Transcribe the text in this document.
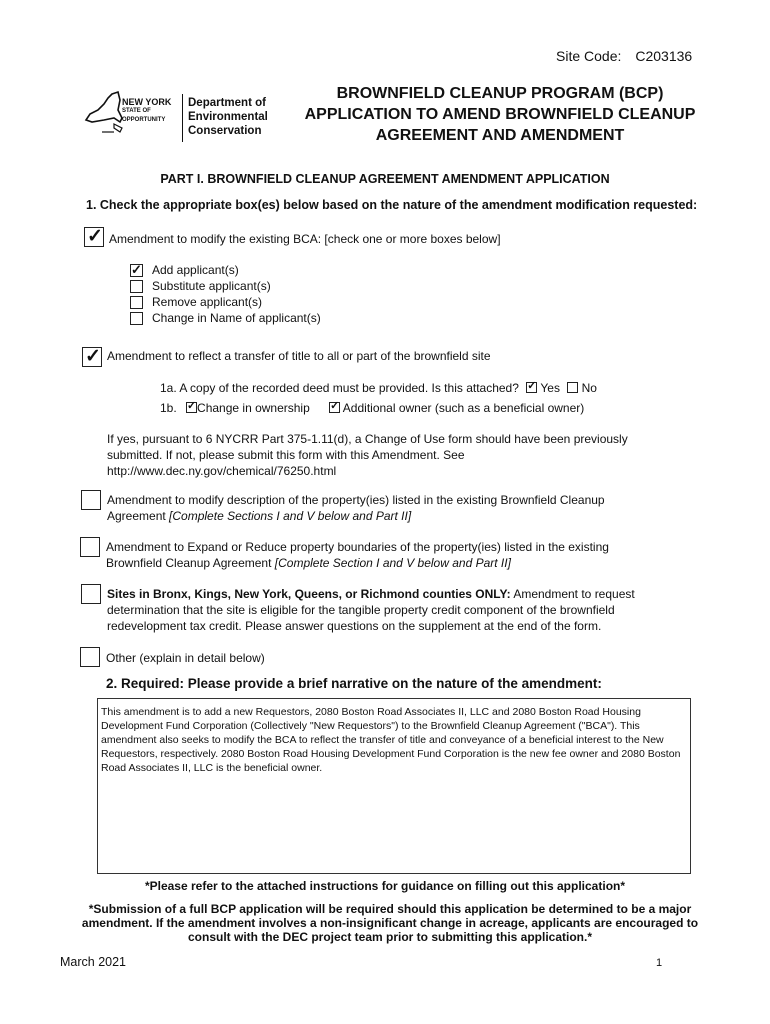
Site Code: C203136
NEW YORK
STATE OF
OPPORTUNITY
Department of
Environmental
Conservation
BROWNFIELD CLEANUP PROGRAM (BCP)
APPLICATION TO AMEND BROWNFIELD CLEANUP
AGREEMENT AND AMENDMENT
PART I. BROWNFIELD CLEANUP AGREEMENT AMENDMENT APPLICATION
1. Check the appropriate box(es) below based on the nature of the amendment modification requested:
✓ Amendment to modify the existing BCA: [check one or more boxes below]
✓ Add applicant(s)
Substitute applicant(s)
Remove applicant(s)
Change in Name of applicant(s)
✓ Amendment to reflect a transfer of title to all or part of the brownfield site
1a. A copy of the recorded deed must be provided. Is this attached? ✓ Yes No
1b. ✓ Change in ownership ✓ Additional owner (such as a beneficial owner)
If yes, pursuant to 6 NYCRR Part 375-1.11(d), a Change of Use form should have been previously
submitted. If not, please submit this form with this Amendment. See
http://www.dec.ny.gov/chemical/76250.html
Amendment to modify description of the property(ies) listed in the existing Brownfield Cleanup
Agreement [Complete Sections I and V below and Part II]
Amendment to Expand or Reduce property boundaries of the property(ies) listed in the existing
Brownfield Cleanup Agreement [Complete Section I and V below and Part II]
Sites in Bronx, Kings, New York, Queens, or Richmond counties ONLY: Amendment to request
determination that the site is eligible for the tangible property credit component of the brownfield
redevelopment tax credit. Please answer questions on the supplement at the end of the form.
Other (explain in detail below)
2. Required: Please provide a brief narrative on the nature of the amendment:
This amendment is to add a new Requestors, 2080 Boston Road Associates II, LLC and 2080 Boston Road Housing Development Fund Corporation (Collectively "New Requestors") to the Brownfield Cleanup Agreement ("BCA"). This amendment also seeks to modify the BCA to reflect the transfer of title and conveyance of a beneficial interest to the New Requestors, respectively. 2080 Boston Road Housing Development Fund Corporation is the new fee owner and 2080 Boston Road Associates II, LLC is the beneficial owner.
*Please refer to the attached instructions for guidance on filling out this application*
*Submission of a full BCP application will be required should this application be determined to be a major amendment. If the amendment involves a non-insignificant change in acreage, applicants are encouraged to consult with the DEC project team prior to submitting this application.*
March 2021	1
